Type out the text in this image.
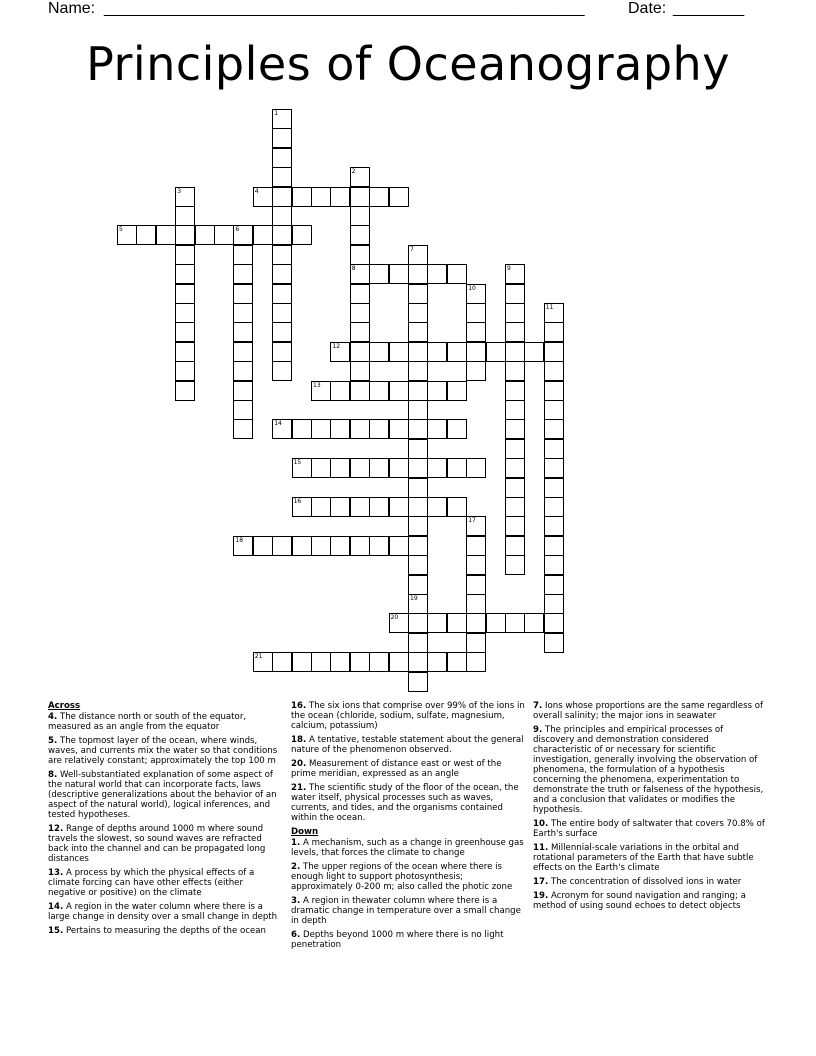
Name: ______________________________________________________	Date: ________
Principles of Oceanography
1
2
8
3	4
5	6
7
19
9
10
11
12
13
14
15
16
17
18
20
21
Across
4. The distance north or south of the equator, measured as an angle from the equator
5. The topmost layer of the ocean, where winds, waves, and currents mix the water so that conditions are relatively constant; approximately the top 100 m
8. Well-substantiated explanation of some aspect of the natural world that can incorporate facts, laws (descriptive generalizations about the behavior of an aspect of the natural world), logical inferences, and tested hypotheses.
12. Range of depths around 1000 m where sound travels the slowest, so sound waves are refracted back into the channel and can be propagated long distances
13. A process by which the physical effects of a climate forcing can have other effects (either negative or positive) on the climate
14. A region in the water column where there is a large change in density over a small change in depth
15. Pertains to measuring the depths of the ocean
16. The six ions that comprise over 99% of the ions in the ocean (chloride, sodium, sulfate, magnesium, calcium, potassium)
18. A tentative, testable statement about the general nature of the phenomenon observed.
20. Measurement of distance east or west of the prime meridian, expressed as an angle
21. The scientific study of the floor of the ocean, the water itself, physical processes such as waves, currents, and tides, and the organisms contained within the ocean.
Down
1. A mechanism, such as a change in greenhouse gas levels, that forces the climate to change
2. The upper regions of the ocean where there is enough light to support photosynthesis; approximately 0-200 m; also called the photic zone
3. A region in thewater column where there is a dramatic change in temperature over a small change in depth
6. Depths beyond 1000 m where there is no light penetration
7. Ions whose proportions are the same regardless of overall salinity; the major ions in seawater
9. The principles and empirical processes of discovery and demonstration considered characteristic of or necessary for scientific investigation, generally involving the observation of phenomena, the formulation of a hypothesis concerning the phenomena, experimentation to demonstrate the truth or falseness of the hypothesis, and a conclusion that validates or modifies the hypothesis.
10. The entire body of saltwater that covers 70.8% of Earth's surface
11. Millennial-scale variations in the orbital and rotational parameters of the Earth that have subtle effects on the Earth's climate
17. The concentration of dissolved ions in water
19. Acronym for sound navigation and ranging; a method of using sound echoes to detect objects
